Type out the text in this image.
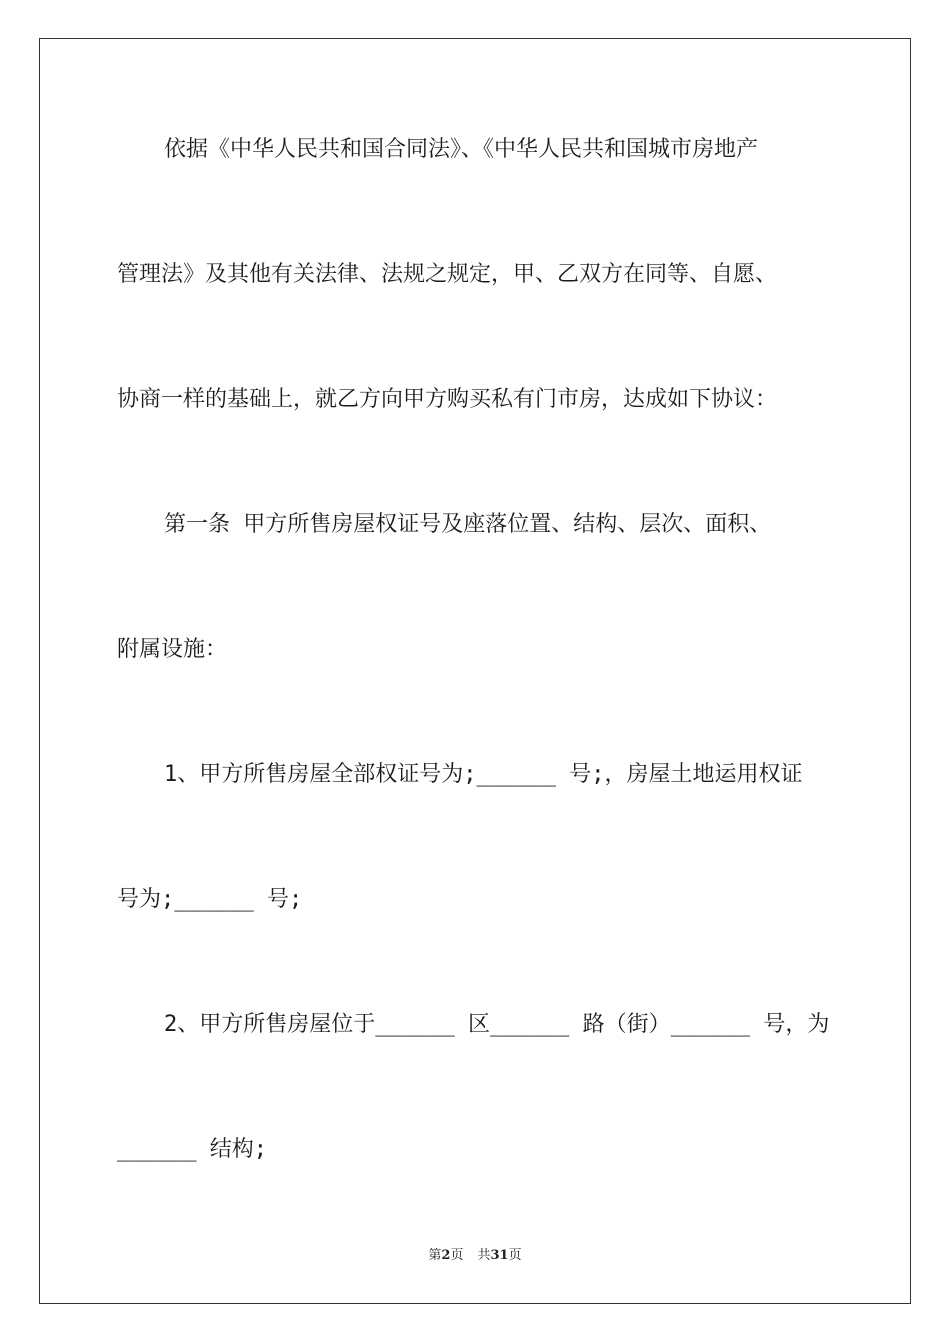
依据《中华人民共和国合同法》、《中华人民共和国城市房地产
管理法》及其他有关法律、法规之规定，甲、乙双方在同等、自愿、
协商一样的基础上，就乙方向甲方购买私有门市房，达成如下协议：
第一条 甲方所售房屋权证号及座落位置、结构、层次、面积、
附属设施：
1、甲方所售房屋全部权证号为;______ 号;，房屋土地运用权证
号为;______ 号;
2、甲方所售房屋位于______ 区______ 路（街）______ 号，为
______ 结构;
第2页 共31页
